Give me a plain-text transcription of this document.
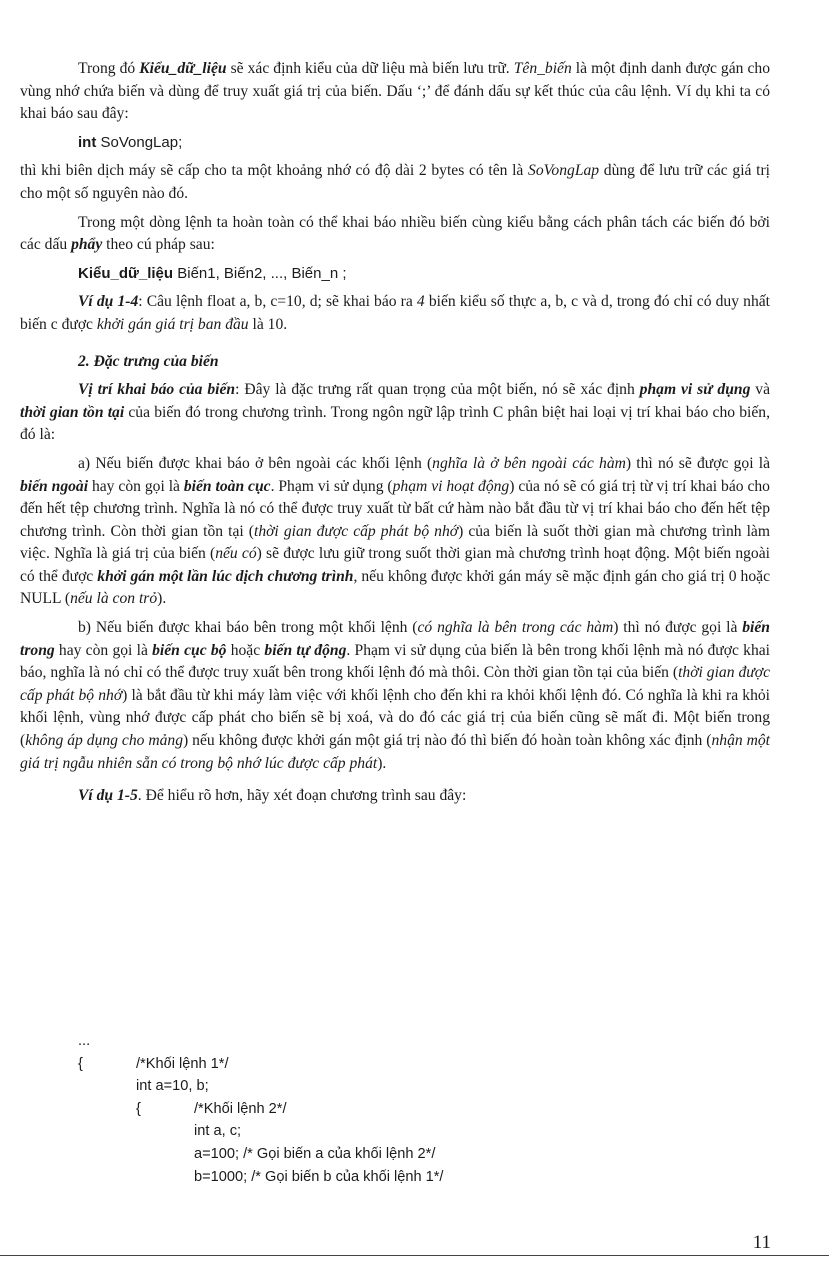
Trong đó Kiểu_dữ_liệu sẽ xác định kiểu của dữ liệu mà biến lưu trữ. Tên_biến là một định danh được gán cho vùng nhớ chứa biến và dùng để truy xuất giá trị của biến. Dấu ‘;’ để đánh dấu sự kết thúc của câu lệnh. Ví dụ khi ta có khai báo sau đây:

int SoVongLap;

thì khi biên dịch máy sẽ cấp cho ta một khoảng nhớ có độ dài 2 bytes có tên là SoVongLap dùng để lưu trữ các giá trị cho một số nguyên nào đó.

Trong một dòng lệnh ta hoàn toàn có thể khai báo nhiều biến cùng kiểu bằng cách phân tách các biến đó bởi các dấu phẩy theo cú pháp sau:

Kiểu_dữ_liệu Biến1, Biến2, ..., Biến_n ;

Ví dụ 1-4: Câu lệnh float a, b, c=10, d; sẽ khai báo ra 4 biến kiểu số thực a, b, c và d, trong đó chỉ có duy nhất biến c được khởi gán giá trị ban đầu là 10.

2. Đặc trưng của biến

Vị trí khai báo của biến: Đây là đặc trưng rất quan trọng của một biến, nó sẽ xác định phạm vi sử dụng và thời gian tồn tại của biến đó trong chương trình. Trong ngôn ngữ lập trình C phân biệt hai loại vị trí khai báo cho biến, đó là:

a) Nếu biến được khai báo ở bên ngoài các khối lệnh (nghĩa là ở bên ngoài các hàm) thì nó sẽ được gọi là biến ngoài hay còn gọi là biến toàn cục. Phạm vi sử dụng (phạm vi hoạt động) của nó sẽ có giá trị từ vị trí khai báo cho đến hết tệp chương trình. Nghĩa là nó có thể được truy xuất từ bất cứ hàm nào bắt đầu từ vị trí khai báo cho đến hết tệp chương trình. Còn thời gian tồn tại (thời gian được cấp phát bộ nhớ) của biến là suốt thời gian mà chương trình làm việc. Nghĩa là giá trị của biến (nếu có) sẽ được lưu giữ trong suốt thời gian mà chương trình hoạt động. Một biến ngoài có thể được khởi gán một lần lúc dịch chương trình, nếu không được khởi gán máy sẽ mặc định gán cho giá trị 0 hoặc NULL (nếu là con trỏ).

b) Nếu biến được khai báo bên trong một khối lệnh (có nghĩa là bên trong các hàm) thì nó được gọi là biến trong hay còn gọi là biến cục bộ hoặc biến tự động. Phạm vi sử dụng của biến là bên trong khối lệnh mà nó được khai báo, nghĩa là nó chỉ có thể được truy xuất bên trong khối lệnh đó mà thôi. Còn thời gian tồn tại của biến (thời gian được cấp phát bộ nhớ) là bắt đầu từ khi máy làm việc với khối lệnh cho đến khi ra khỏi khối lệnh đó. Có nghĩa là khi ra khỏi khối lệnh, vùng nhớ được cấp phát cho biến sẽ bị xoá, và do đó các giá trị của biến cũng sẽ mất đi. Một biến trong (không áp dụng cho mảng) nếu không được khởi gán một giá trị nào đó thì biến đó hoàn toàn không xác định (nhận một giá trị ngẫu nhiên sẵn có trong bộ nhớ lúc được cấp phát).

Ví dụ 1-5. Để hiểu rõ hơn, hãy xét đoạn chương trình sau đây:

...
{	/*Khối lệnh 1*/
int a=10, b;
{	/*Khối lệnh 2*/
int a, c;
a=100; /* Gọi biến a của khối lệnh 2*/
b=1000; /* Gọi biến b của khối lệnh 1*/
11
